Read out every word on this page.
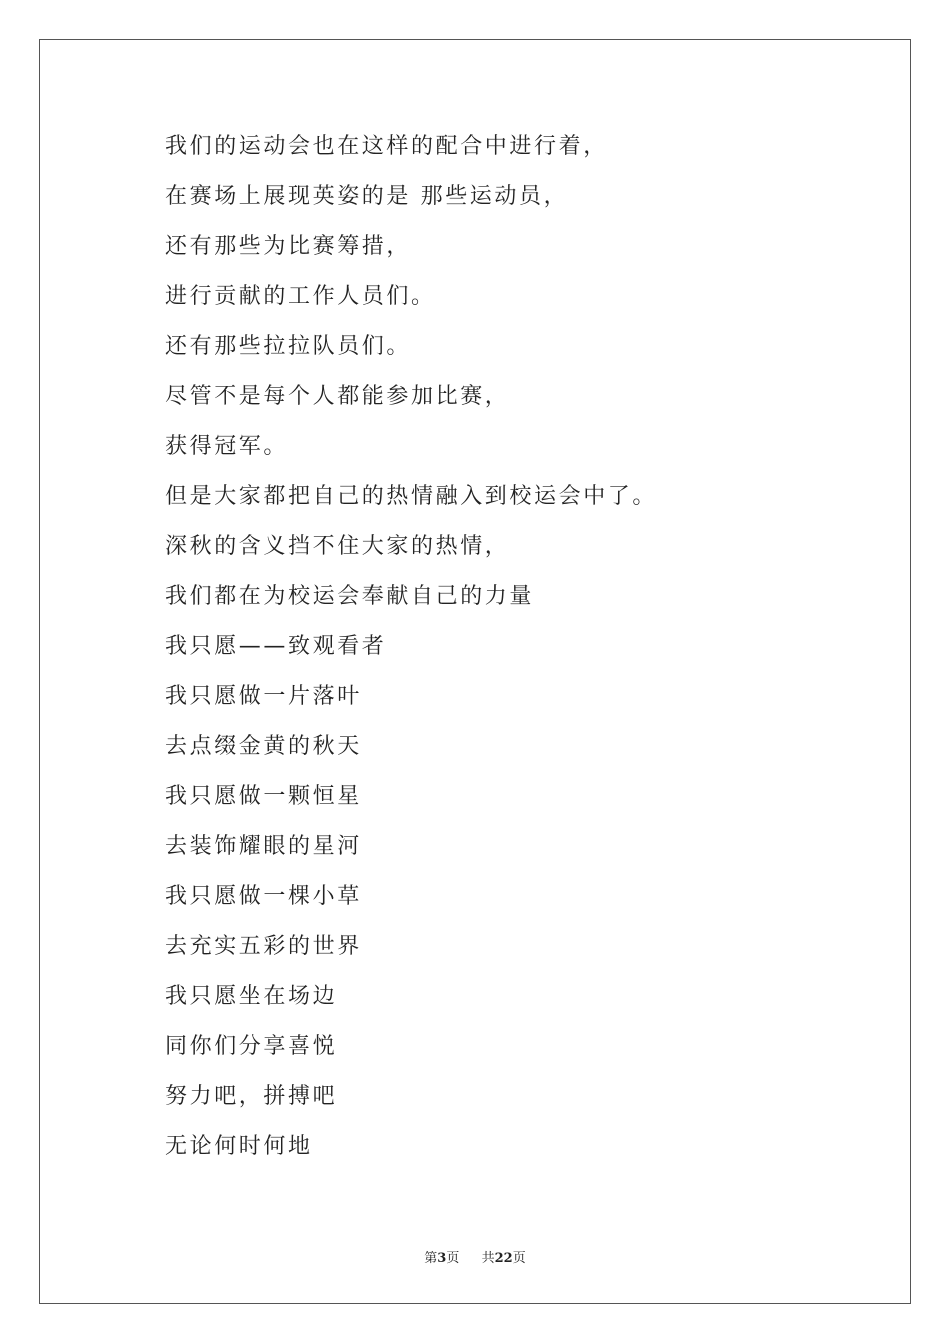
我们的运动会也在这样的配合中进行着，
在赛场上展现英姿的是 那些运动员，
还有那些为比赛筹措，
进行贡献的工作人员们。
还有那些拉拉队员们。
尽管不是每个人都能参加比赛，
获得冠军。
但是大家都把自己的热情融入到校运会中了。
深秋的含义挡不住大家的热情，
我们都在为校运会奉献自己的力量
我只愿——致观看者
我只愿做一片落叶
去点缀金黄的秋天
我只愿做一颗恒星
去装饰耀眼的星河
我只愿做一棵小草
去充实五彩的世界
我只愿坐在场边
同你们分享喜悦
努力吧，拼搏吧
无论何时何地
第3页 共22页
